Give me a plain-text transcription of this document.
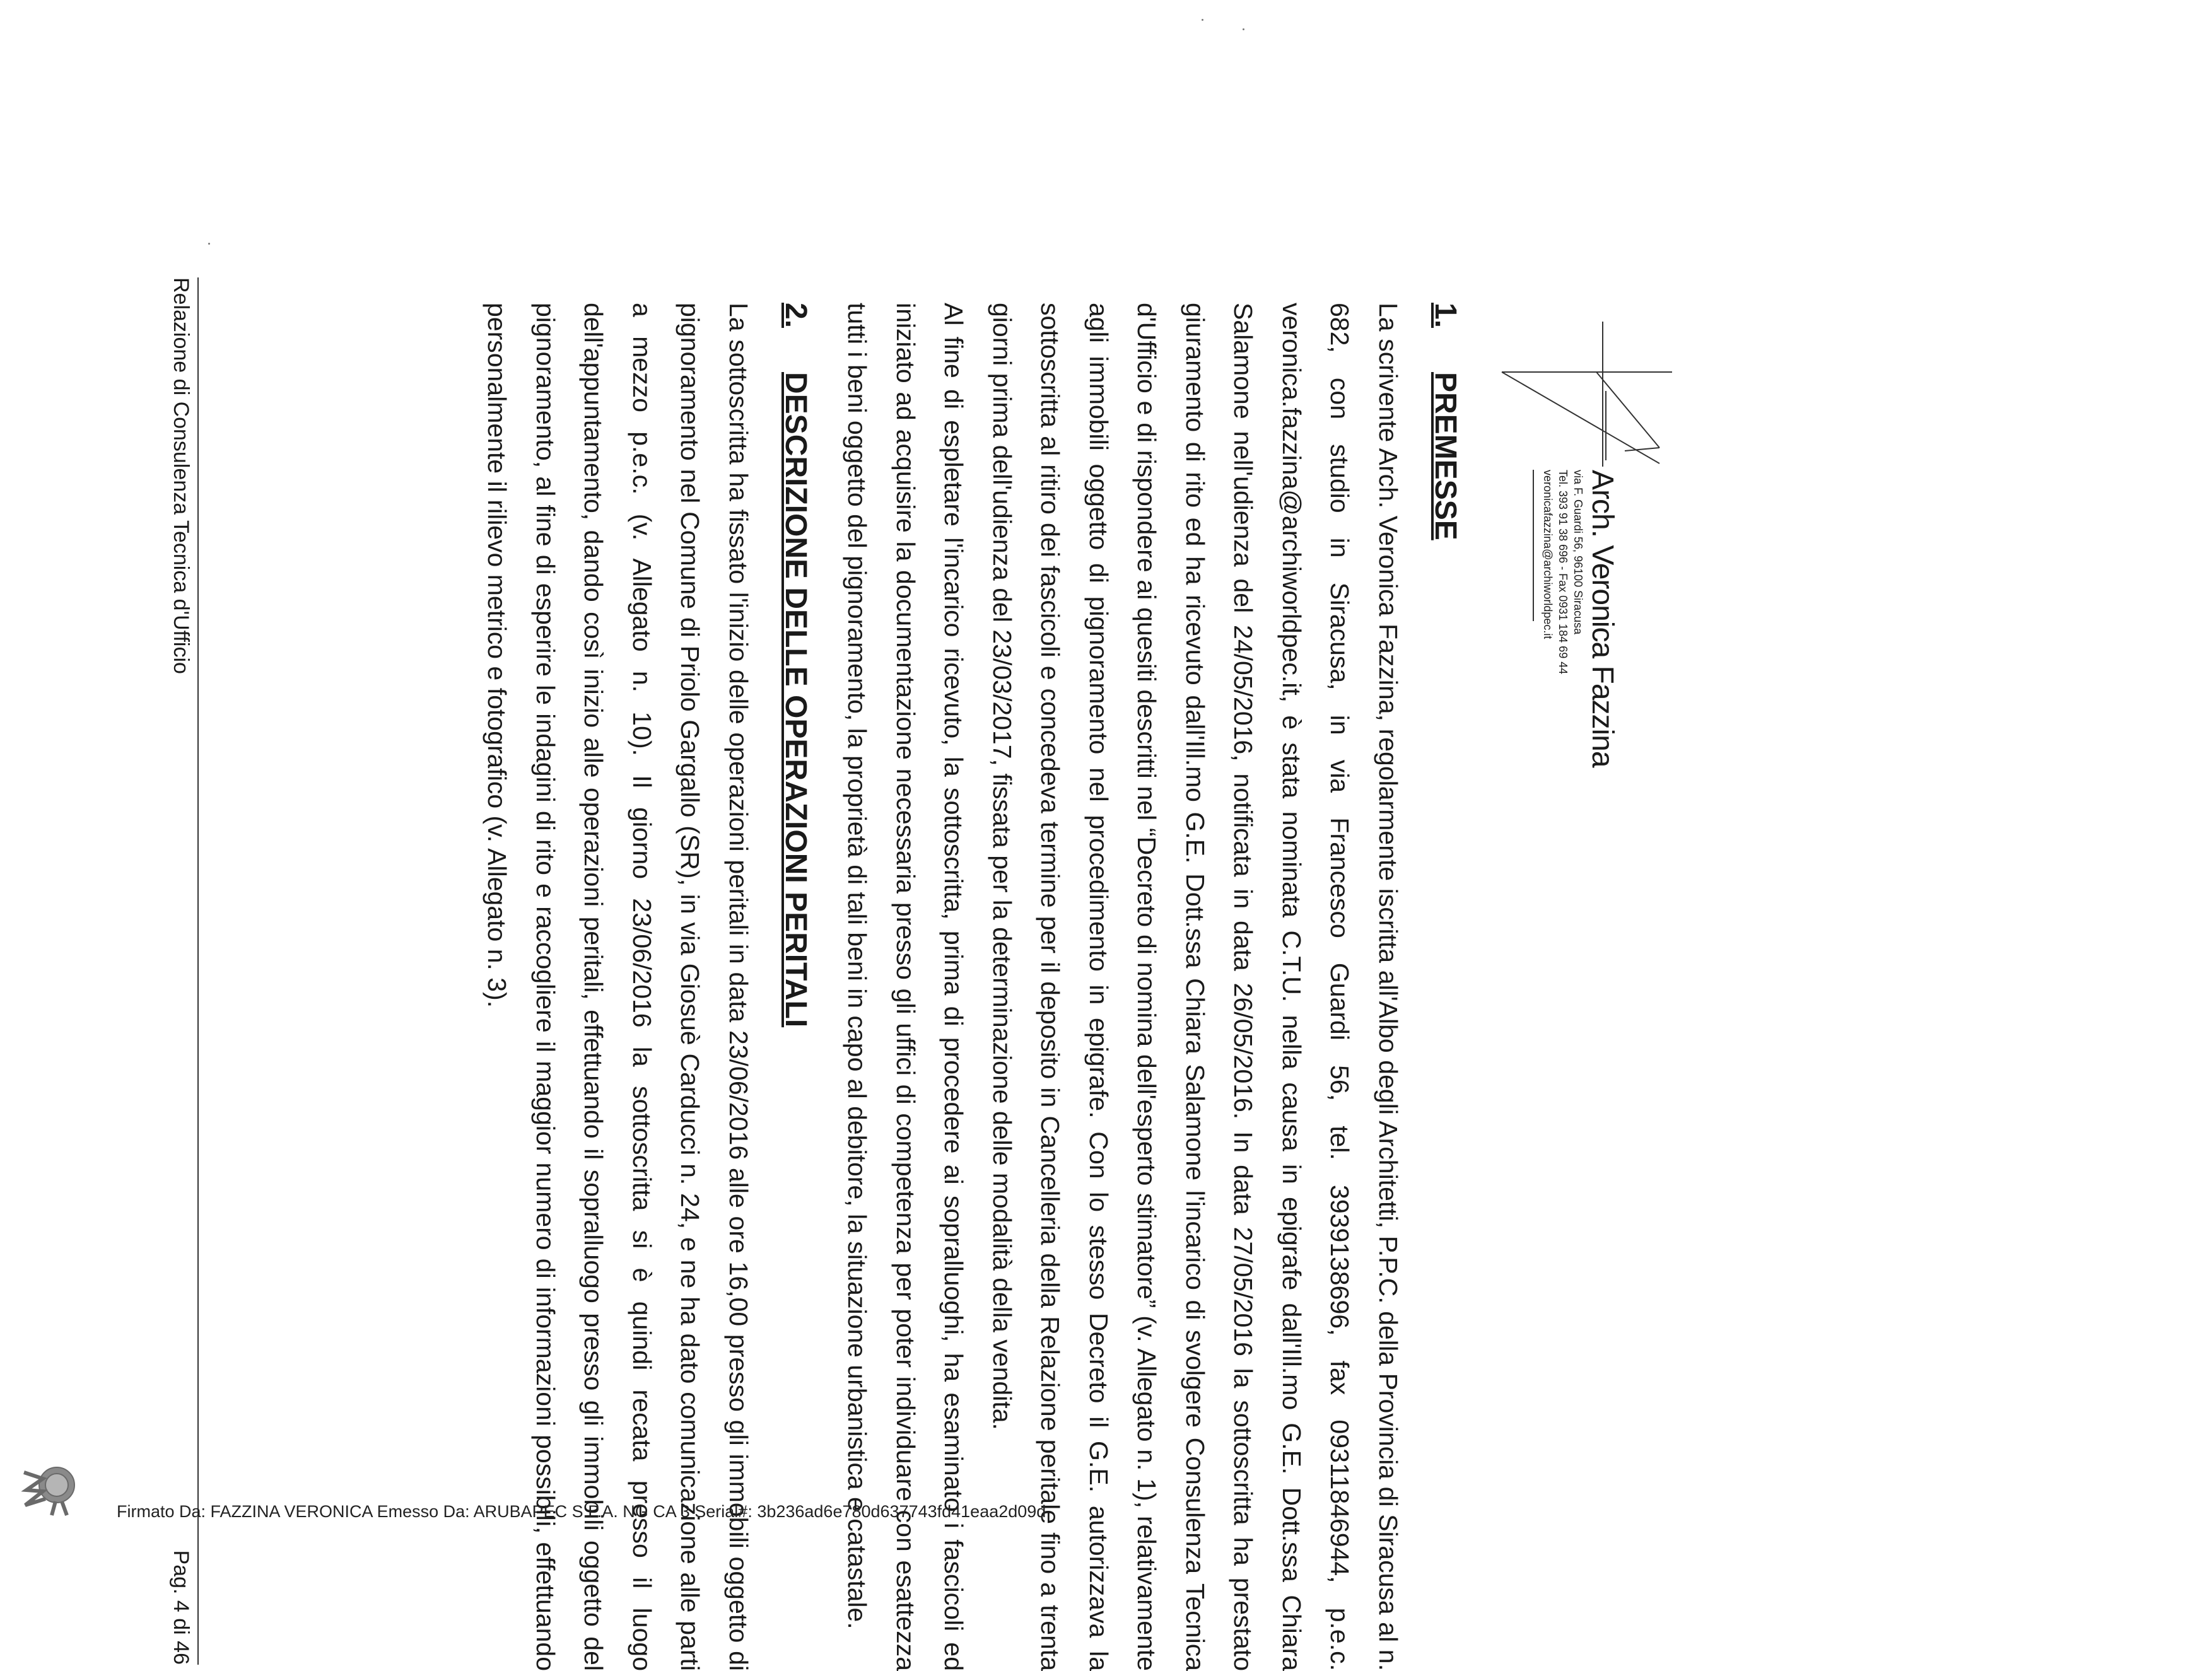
Arch. Veronica Fazzina

via F. Guardi 56, 96100 Siracusa

Tel. 393 91 38 696 - Fax 0931 184 69 44

veronicafazzina@archiworldpec.it

1.
PREMESSE

La scrivente Arch. Veronica Fazzina, regolarmente iscritta all'Albo degli Architetti, P.P.C. della Provincia di Siracusa al n. 682, con studio in Siracusa, in via Francesco Guardi 56, tel. 3939138696, fax 09311846944, p.e.c. veronica.fazzina@archiworldpec.it, è stata nominata C.T.U. nella causa in epigrafe dall'Ill.mo G.E. Dott.ssa Chiara Salamone nell'udienza del 24/05/2016, notificata in data 26/05/2016. In data 27/05/2016 la sottoscritta ha prestato giuramento di rito ed ha ricevuto dall'Ill.mo G.E. Dott.ssa Chiara Salamone l'incarico di svolgere Consulenza Tecnica d'Ufficio e di rispondere ai quesiti descritti nel “Decreto di nomina dell'esperto stimatore” (v. Allegato n. 1), relativamente agli immobili oggetto di pignoramento nel procedimento in epigrafe. Con lo stesso Decreto il G.E. autorizzava la sottoscritta al ritiro dei fascicoli e concedeva termine per il deposito in Cancelleria della Relazione peritale fino a trenta giorni prima dell'udienza del 23/03/2017, fissata per la determinazione delle modalità della vendita.

Al fine di espletare l'incarico ricevuto, la sottoscritta, prima di procedere ai sopralluoghi, ha esaminato i fascicoli ed iniziato ad acquisire la documentazione necessaria presso gli uffici di competenza per poter individuare con esattezza tutti i beni oggetto del pignoramento, la proprietà di tali beni in capo al debitore, la situazione urbanistica e catastale.

2.
DESCRIZIONE DELLE OPERAZIONI PERITALI

La sottoscritta ha fissato l'inizio delle operazioni peritali in data 23/06/2016 alle ore 16,00 presso gli immobili oggetto di pignoramento nel Comune di Priolo Gargallo (SR), in via Giosuè Carducci n. 24, e ne ha dato comunicazione alle parti a mezzo p.e.c. (v. Allegato n. 10). Il giorno 23/06/2016 la sottoscritta si è quindi recata presso il luogo dell'appuntamento, dando così inizio alle operazioni peritali, effettuando il sopralluogo presso gli immobili oggetto del pignoramento, al fine di esperire le indagini di rito e raccogliere il maggior numero di informazioni possibili, effettuando personalmente il rilievo metrico e fotografico (v. Allegato n. 3).

Relazione di Consulenza Tecnica d'Ufficio
Pag. 4 di 46
Firmato Da: FAZZINA VERONICA Emesso Da: ARUBAPEC S.P.A. NG CA 3 Serial#: 3b236ad6e780d637743fd41eaa2d09d
